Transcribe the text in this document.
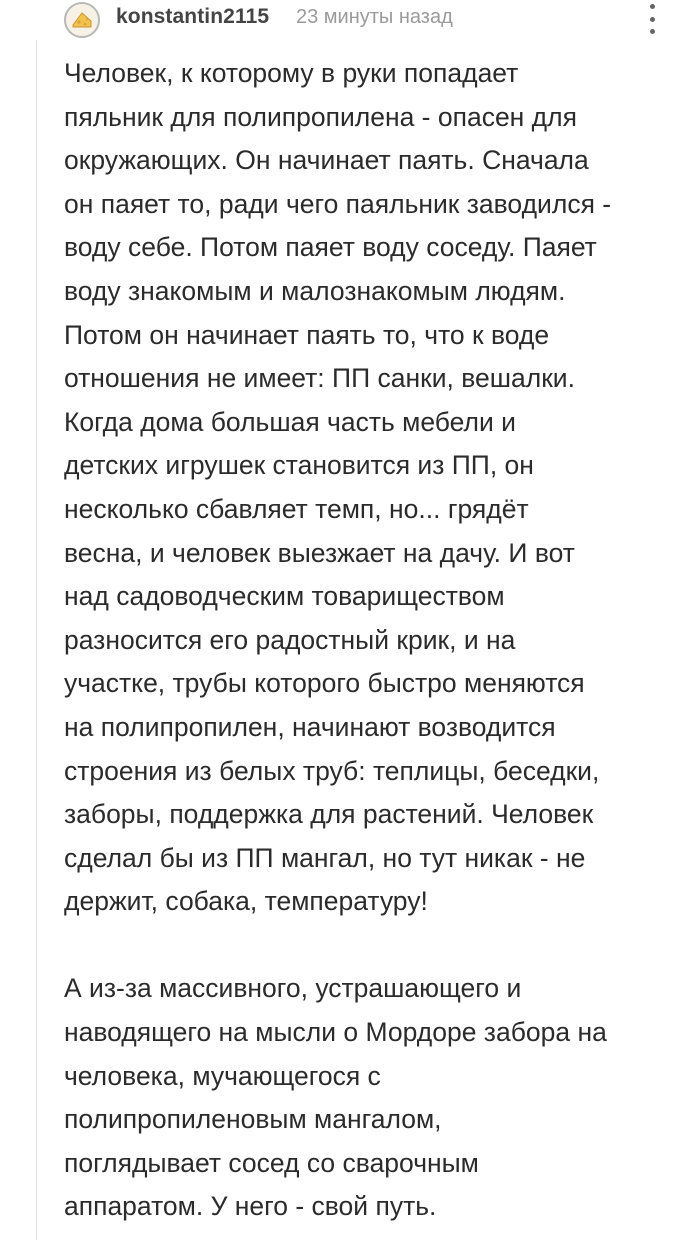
konstantin2115 23 минуты назад

Человек, к которому в руки попадает
пяльник для полипропилена - опасен для
окружающих. Он начинает паять. Сначала
он паяет то, ради чего паяльник заводился -
воду себе. Потом паяет воду соседу. Паяет
воду знакомым и малознакомым людям.
Потом он начинает паять то, что к воде
отношения не имеет: ПП санки, вешалки.
Когда дома большая часть мебели и
детских игрушек становится из ПП, он
несколько сбавляет темп, но... грядёт
весна, и человек выезжает на дачу. И вот
над садоводческим товариществом
разносится его радостный крик, и на
участке, трубы которого быстро меняются
на полипропилен, начинают возводится
строения из белых труб: теплицы, беседки,
заборы, поддержка для растений. Человек
сделал бы из ПП мангал, но тут никак - не
держит, собака, температуру!

А из-за массивного, устрашающего и
наводящего на мысли о Мордоре забора на
человека, мучающегося с
полипропиленовым мангалом,
поглядывает сосед со сварочным
аппаратом. У него - свой путь.
